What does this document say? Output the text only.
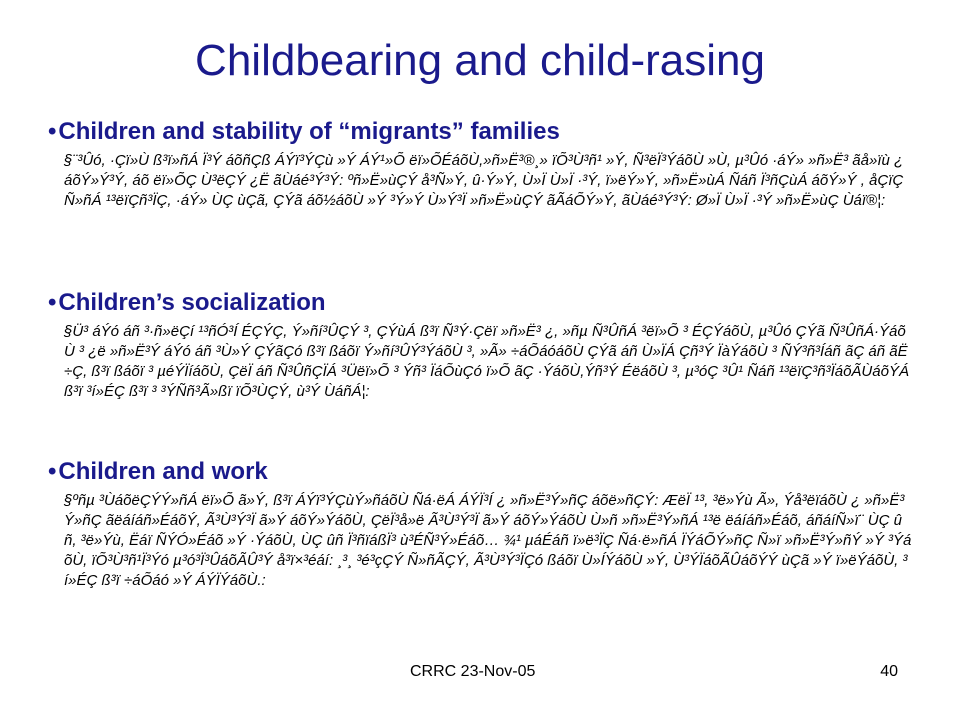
Childbearing and child-rasing
•Children and stability of “migrants” families

§¨³Ûó, ·Çï»Ù ß³ï»ñÁ Ï³Ý áõñÇß ÁÝï³ÝÇù »Ý ÁÝ¹»Õ ëï»ÕÉáõÙ,»ñ»Ë³®¸» ïÕ³Ù³ñ¹ »Ý, Ñ³ëÏ³ÝáõÙ »Ù, µ³Ûó ·áÝ» »ñ»Ë³ ãå»ïù ¿ áõÝ»Ý³Ý, áõ ëï»ÕÇ Ù³ëÇÝ ¿Ë ãÙáé³Ý³Ý: ºñ»Ë»ùÇÝ å³Ñ»Ý, û·Ý»Ý, Ù»Ï Ù»Ï ·³Ý, ï»ëÝ»Ý, »ñ»Ë»ùÁ Ñáñ Ï³ñÇùÁ áõÝ»Ý , åÇïÇ Ñ»ñÁ ¹³ëïÇñ³ÏÇ, ·áÝ» ÙÇ ùÇã, ÇÝã áõ½áõÙ »Ý ³Ý»Ý Ù»Ý³Ï »ñ»Ë»ùÇÝ ãÃáÕÝ»Ý, ãÙáé³Ý³Ý: Ø»Ï Ù»Ï ·³Ý »ñ»Ë»ùÇ Ùáï®¦:

•Children’s socialization

§Ü³ áÝó áñ ³·ñ»ëÇí ¹³ñÓ³Í ÉÇÝÇ, Ý»ñí³ÛÇÝ ³, ÇÝùÁ ß³ï Ñ³Ý·Çëï »ñ»Ë³ ¿, »ñµ Ñ³ÛñÁ ³ëï»Õ ³ ÉÇÝáõÙ, µ³Ûó ÇÝã Ñ³ÛñÁ·ÝáõÙ ³ ¿ë »ñ»Ë³Ý áÝó áñ ³Ù»Ý ÇÝãÇó ß³ï ßáõï Ý»ñí³ÛÝ³ÝáõÙ ³, »Ã» ÷áÕáóáõÙ ÇÝã áñ Ù»ÏÁ Çñ³Ý ÏàÝáõÙ ³ ÑÝ³ñ³Íáñ ãÇ áñ ãË÷Ç, ß³ï ßáõï ³ µéÝÏíáõÙ, ÇëÏ áñ Ñ³ÛñÇÏÁ ³Üëï»Õ ³ Ýñ³ ÏáÕùÇó ï»Õ ãÇ ·ÝáõÙ,Ýñ³Ý ÉëáõÙ ³, µ³óÇ ³Û¹ Ñáñ ¹³ëïÇ³ñ³ÏáõÃÙáõÝÁ ß³ï ³í»ÉÇ ß³ï ³ ³ÝÑñ³Ã»ßï ïÕ³ÙÇÝ, ù³Ý ÙáñÁ¦:

•Children and work

§ºñµ ³ÙáõëÇÝÝ»ñÁ ëï»Õ ã»Ý, ß³ï ÁÝï³ÝÇùÝ»ñáõÙ Ñá·ëÁ ÁÝÏ³Í ¿ »ñ»Ë³Ý»ñÇ áõë»ñÇÝ: ÆëÏ ¹³, ³ë»Ýù Ã», Ýå³ëïáõÙ ¿ »ñ»Ë³Ý»ñÇ ãëáíáñ»ÉáõÝ, Ã³Ù³Ý³Ï ã»Ý áõÝ»ÝáõÙ, ÇëÏ³å»ë Ã³Ù³Ý³Ï ã»Ý áõÝ»ÝáõÙ Ù»ñ »ñ»Ë³Ý»ñÁ ¹³ë ëáíáñ»Éáõ, áñáíÑ»ï¨ ÙÇ ûñ, ³ë»Ýù, Ëáï ÑÝÓ»Éáõ »Ý ·ÝáõÙ, ÙÇ ûñ Ï³ñïáßÏ³ ù³ÉÑ³Ý»Éáõ… ¾¹ µáÉáñ ï»ë³ÏÇ Ñá·ë»ñÁ ÏÝáÕÝ»ñÇ Ñ»ï »ñ»Ë³Ý»ñÝ »Ý ³ÝáõÙ, ïÕ³Ù³ñ¹Ï³Ýó µ³ó³Ï³ÛáõÃÛ³Ý å³ï×³éáí: ¸³¸ ³é³çÇÝ Ñ»ñÃÇÝ, Ã³Ù³Ý³ÏÇó ßáõï Ù»ÍÝáõÙ »Ý, Ù³ÝÏáõÃÛáõÝÝ ùÇã »Ý ï»ëÝáõÙ, ³í»ÉÇ ß³ï ÷áÕáó »Ý ÁÝÏÝáõÙ.:

CRRC 23-Nov-05	40
